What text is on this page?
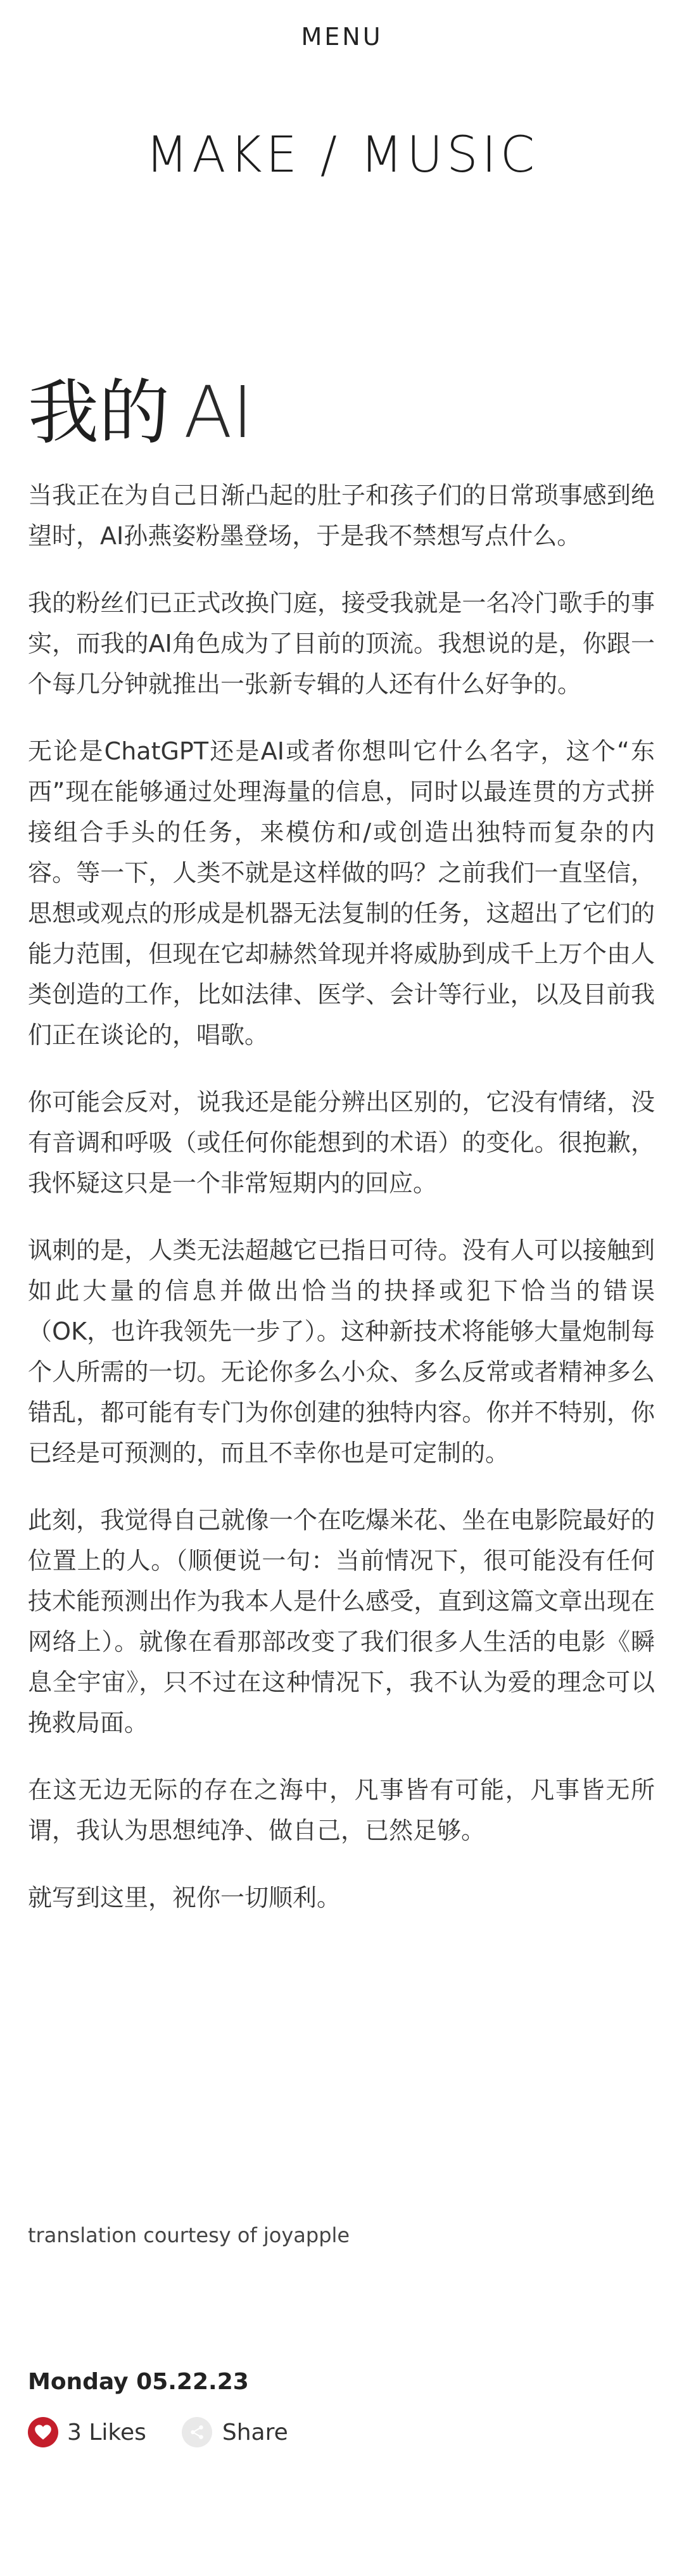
MENU
MAKE / MUSIC
我的 AI

当我正在为自己日渐凸起的肚子和孩子们的日常琐事感到绝望时，AI孙燕姿粉墨登场，于是我不禁想写点什么。

我的粉丝们已正式改换门庭，接受我就是一名冷门歌手的事实，而我的AI角色成为了目前的顶流。我想说的是，你跟一个每几分钟就推出一张新专辑的人还有什么好争的。

无论是ChatGPT还是AI或者你想叫它什么名字，这个“东西”现在能够通过处理海量的信息，同时以最连贯的方式拼接组合手头的任务，来模仿和/或创造出独特而复杂的内容。等一下，人类不就是这样做的吗？之前我们一直坚信，思想或观点的形成是机器无法复制的任务，这超出了它们的能力范围，但现在它却赫然耸现并将威胁到成千上万个由人类创造的工作，比如法律、医学、会计等行业，以及目前我们正在谈论的，唱歌。

你可能会反对，说我还是能分辨出区别的，它没有情绪，没有音调和呼吸（或任何你能想到的术语）的变化。很抱歉，我怀疑这只是一个非常短期内的回应。

讽刺的是，人类无法超越它已指日可待。没有人可以接触到如此大量的信息并做出恰当的抉择或犯下恰当的错误（OK，也许我领先一步了）。这种新技术将能够大量炮制每个人所需的一切。无论你多么小众、多么反常或者精神多么错乱，都可能有专门为你创建的独特内容。你并不特别，你已经是可预测的，而且不幸你也是可定制的。

此刻，我觉得自己就像一个在吃爆米花、坐在电影院最好的位置上的人。（顺便说一句：当前情况下，很可能没有任何技术能预测出作为我本人是什么感受，直到这篇文章出现在网络上）。就像在看那部改变了我们很多人生活的电影《瞬息全宇宙》，只不过在这种情况下，我不认为爱的理念可以挽救局面。

在这无边无际的存在之海中，凡事皆有可能，凡事皆无所谓，我认为思想纯净、做自己，已然足够。

就写到这里，祝你一切顺利。

translation courtesy of joyapple
Monday 05.22.23
3 Likes	Share
